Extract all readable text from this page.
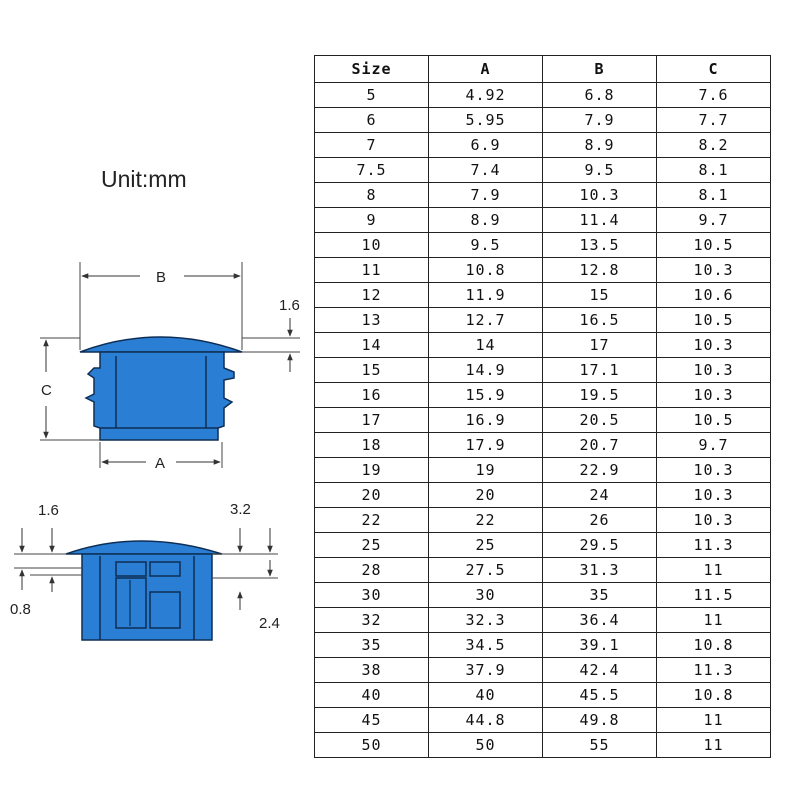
Unit:mm
B
1.6
C
A
1.6
0.8
3.2
2.4
Size	A	B	C
5	4.92	6.8	7.6
6	5.95	7.9	7.7
7	6.9	8.9	8.2
7.5	7.4	9.5	8.1
8	7.9	10.3	8.1
9	8.9	11.4	9.7
10	9.5	13.5	10.5
11	10.8	12.8	10.3
12	11.9	15	10.6
13	12.7	16.5	10.5
14	14	17	10.3
15	14.9	17.1	10.3
16	15.9	19.5	10.3
17	16.9	20.5	10.5
18	17.9	20.7	9.7
19	19	22.9	10.3
20	20	24	10.3
22	22	26	10.3
25	25	29.5	11.3
28	27.5	31.3	11
30	30	35	11.5
32	32.3	36.4	11
35	34.5	39.1	10.8
38	37.9	42.4	11.3
40	40	45.5	10.8
45	44.8	49.8	11
50	50	55	11
